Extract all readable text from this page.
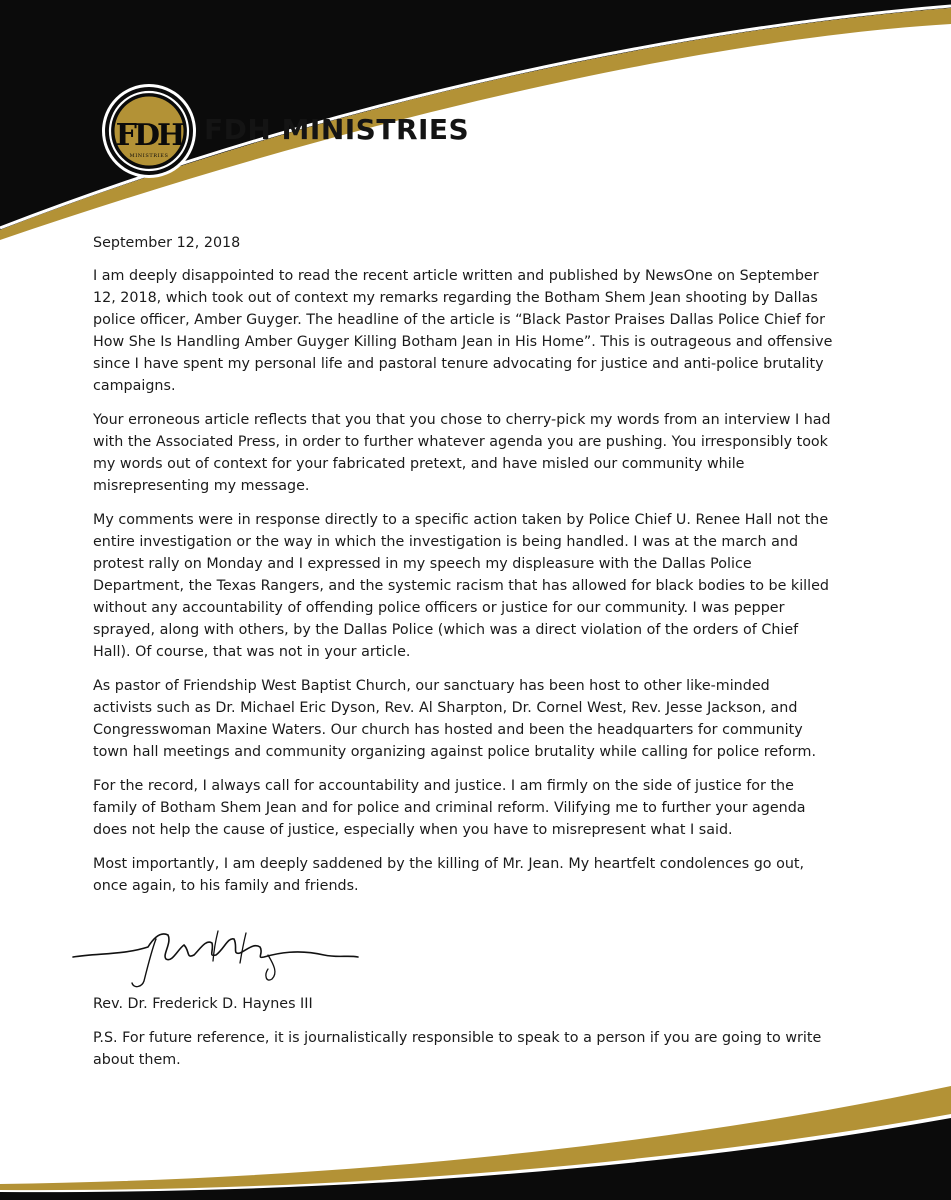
FDH
MINISTRIES
FDH MINISTRIES

September 12, 2018

I am deeply disappointed to read the recent article written and published by NewsOne on September 12, 2018, which took out of context my remarks regarding the Botham Shem Jean shooting by Dallas police officer, Amber Guyger. The headline of the article is “Black Pastor Praises Dallas Police Chief for How She Is Handling Amber Guyger Killing Botham Jean in His Home”. This is outrageous and offensive since I have spent my personal life and pastoral tenure advocating for justice and anti-police brutality campaigns.

Your erroneous article reflects that you that you chose to cherry-pick my words from an interview I had with the Associated Press, in order to further whatever agenda you are pushing. You irresponsibly took my words out of context for your fabricated pretext, and have misled our community while misrepresenting my message.

My comments were in response directly to a specific action taken by Police Chief U. Renee Hall not the entire investigation or the way in which the investigation is being handled. I was at the march and protest rally on Monday and I expressed in my speech my displeasure with the Dallas Police Department, the Texas Rangers, and the systemic racism that has allowed for black bodies to be killed without any accountability of offending police officers or justice for our community. I was pepper sprayed, along with others, by the Dallas Police (which was a direct violation of the orders of Chief Hall). Of course, that was not in your article.

As pastor of Friendship West Baptist Church, our sanctuary has been host to other like-minded activists such as Dr. Michael Eric Dyson, Rev. Al Sharpton, Dr. Cornel West, Rev. Jesse Jackson, and Congresswoman Maxine Waters. Our church has hosted and been the headquarters for community town hall meetings and community organizing against police brutality while calling for police reform.

For the record, I always call for accountability and justice. I am firmly on the side of justice for the family of Botham Shem Jean and for police and criminal reform. Vilifying me to further your agenda does not help the cause of justice, especially when you have to misrepresent what I said.

Most importantly, I am deeply saddened by the killing of Mr. Jean. My heartfelt condolences go out, once again, to his family and friends.

Rev. Dr. Frederick D. Haynes III

P.S. For future reference, it is journalistically responsible to speak to a person if you are going to write about them.
